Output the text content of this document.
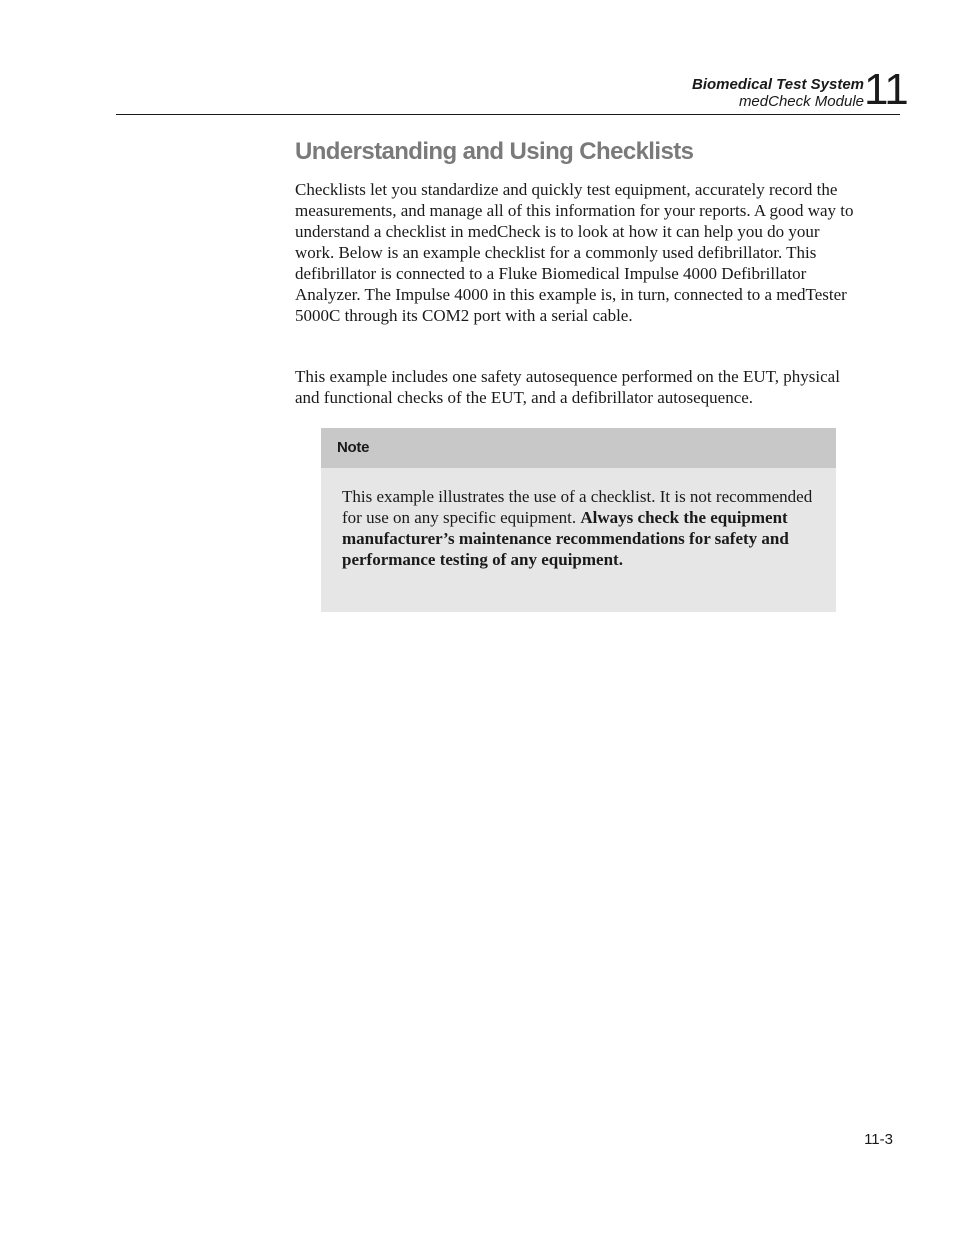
Biomedical Test System
medCheck Module 11
Understanding and Using Checklists

Checklists let you standardize and quickly test equipment, accurately record the measurements, and manage all of this information for your reports. A good way to understand a checklist in medCheck is to look at how it can help you do your work. Below is an example checklist for a commonly used defibrillator. This defibrillator is connected to a Fluke Biomedical Impulse 4000 Defibrillator Analyzer. The Impulse 4000 in this example is, in turn, connected to a medTester 5000C through its COM2 port with a serial cable.

This example includes one safety autosequence performed on the EUT, physical and functional checks of the EUT, and a defibrillator autosequence.

Note
This example illustrates the use of a checklist. It is not recommended for use on any specific equipment. Always check the equipment manufacturer’s maintenance recommendations for safety and performance testing of any equipment.
11-3
